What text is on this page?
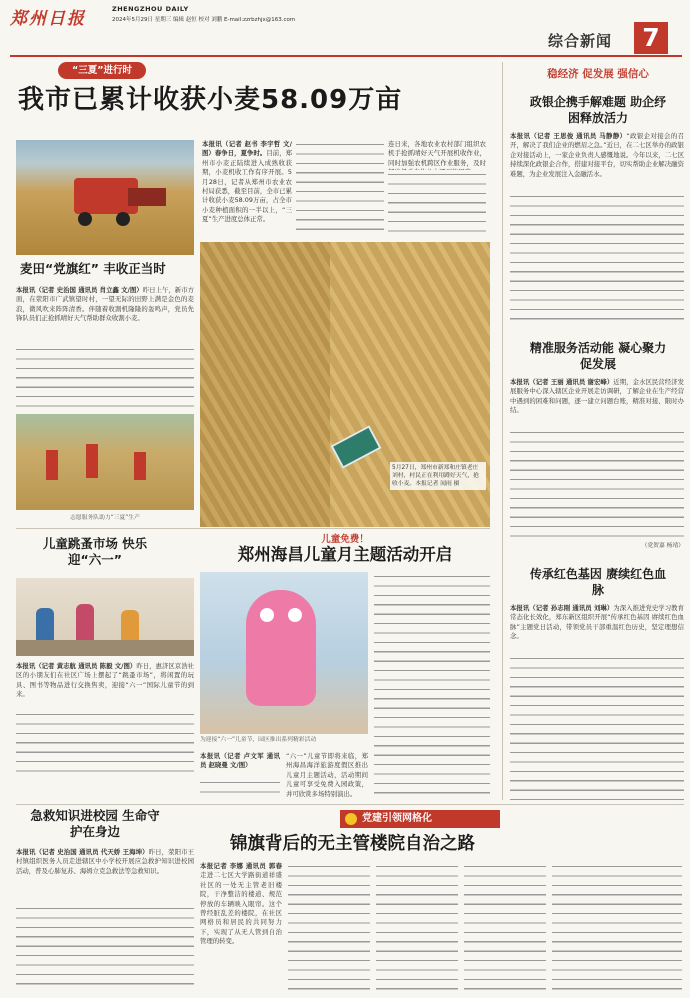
郑州日报	ZHENGZHOU DAILY
2024年5月29日 星期三 编辑 赵恒 校对 刘鹏 E-mail:zzrbzhjx@163.com
综合新闻	7
“三夏”进行时
我市已累计收获小麦58.09万亩
稳经济 促发展 强信心
本报讯（记者 赵书 李宇哲 文/图）春争日，夏争时。目前，郑州市小麦正陆续进入成熟收获期，小麦机收工作有序开展。5月28日，记者从郑州市农业农村局获悉，截至目前，全市已累计收获小麦58.09万亩，占全市小麦种植面积的一半以上，“三夏”生产进度总体正常。
连日来，各地农业农村部门组织农机手抢抓晴好天气开展机收作业，同时加强农机跨区作业服务，及时
5月27日，郑州市新郑和庄镇老庄刘村，村民正在利用蹲好天气，抢收小麦。本报记者 闻雨 摄
麦田“党旗红” 丰收正当时
本报讯（记者 史治国 通讯员 肖立鑫 文/图）昨日上午，新市方面，在荥阳市广武镇望时村，一望无际的田野上满是金色的麦浪，微风吹来阵阵清香。伴随着收割机隆隆的轰鸣声，党员先锋队员们正抢抓晴好天气帮助群众收割小麦。
志愿服务队助力“三夏”生产
儿童跳蚤市场 快乐迎“六一”
本报讯（记者 黄志航 通讯员 陈毅 文/图）昨日，惠济区京浩社区的小朋友们在社区广场上摆起了“跳蚤市场”，将闲置的玩具、图书等物品进行交换售卖，迎接“六一”国际儿童节的到来。
儿童免费！
郑州海昌儿童月主题活动开启
为迎接“六一”儿童节，园区推出系列精彩活动
本报讯（记者 卢文军 通讯员 赵晓曼 文/图）
“六一”儿童节即将来临，郑州海昌海洋旅游度假区推出儿童月主题活动，活动期间儿童可享受免费入园政策，并可欣赏多场特别演出。
急救知识进校园 生命守护在身边
本报讯（记者 史治国 通讯员 代天娇 王海坤）昨日，荥阳市王村镇组织医务人员走进辖区中小学校开展应急救护知识进校园活动，普及心肺复苏、海姆立克急救法等急救知识。
党建引领网格化
锦旗背后的无主管楼院自治之路
本报记者 李娜 通讯员 郭春走进二七区大学路街道祥盛社区的一处无主管老旧楼院，干净整洁的楼道、规范停放的车辆映入眼帘。这个曾经脏乱差的楼院，在社区网格员和居民的共同努力下，实现了从无人管到自治管理的转变。
政银企携手解难题 助企纾困释放活力
本报讯（记者 王思俊 通讯员 马静静）“政银企对接会的召开，解决了我们企业的燃眉之急。”近日，在二七区举办的政银企对接活动上，一家企业负责人感慨地说。今年以来，二七区持续深化政银企合作，搭建对接平台，切实帮助企业解决融资难题，为企业发展注入金融活水。
精准服务活动能 凝心聚力促发展
本报讯（记者 王丽 通讯员 谢宏峰）近期，金水区民营经济发展服务中心深入辖区企业开展走访调研，了解企业在生产经营中遇到的困难和问题，逐一建立问题台账，精准对接、限时办结。
（党贺嘉 杨靖）
传承红色基因 赓续红色血脉
本报讯（记者 孙志刚 通讯员 刘琳）为深入推进党史学习教育常态化长效化，郑东新区组织开展“传承红色基因 赓续红色血脉”主题党日活动，带领党员干部重温红色历史，坚定理想信念。
